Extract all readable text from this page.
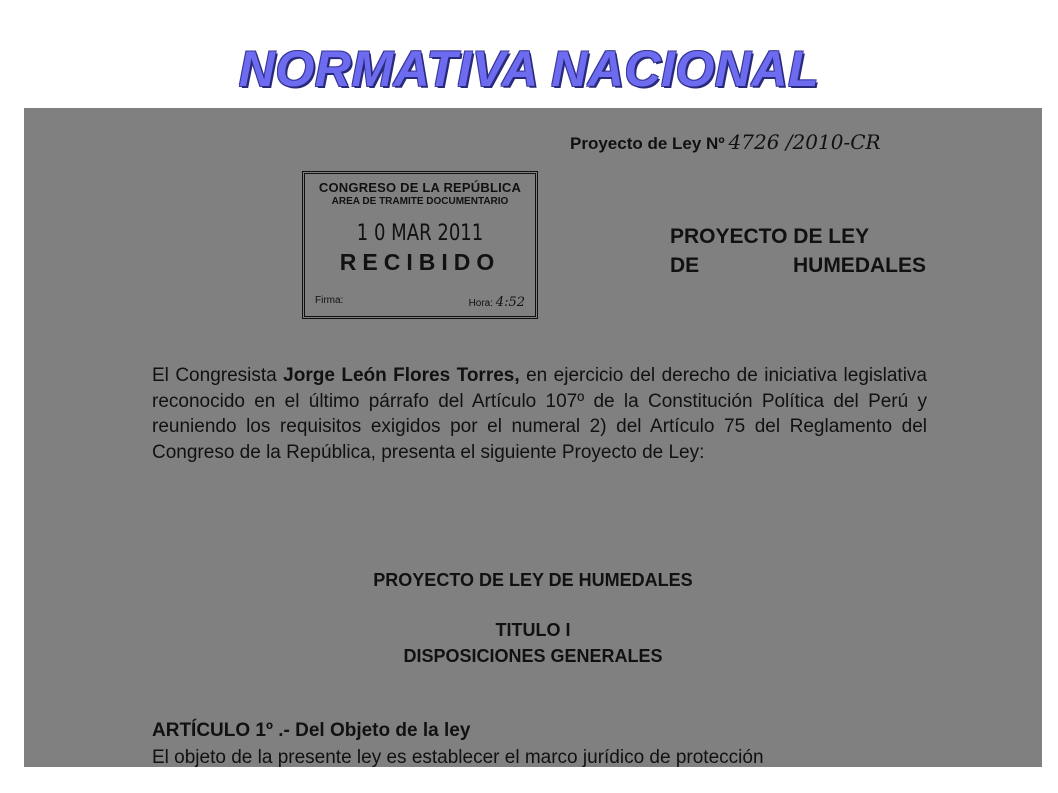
NORMATIVA NACIONAL
Proyecto de Ley Nº 4726 /2010-CR
CONGRESO DE LA REPÚBLICA
AREA DE TRAMITE DOCUMENTARIO
1 0 MAR 2011
RECIBIDO
Firma:	Hora: 4:52
PROYECTO DE LEY
DE	HUMEDALES
El Congresista Jorge León Flores Torres, en ejercicio del derecho de iniciativa legislativa reconocido en el último párrafo del Artículo 107º de la Constitución Política del Perú y reuniendo los requisitos exigidos por el numeral 2) del Artículo 75 del Reglamento del Congreso de la República, presenta el siguiente Proyecto de Ley:
PROYECTO DE LEY DE HUMEDALES
TITULO I
DISPOSICIONES GENERALES
ARTÍCULO 1º .- Del Objeto de la ley
El objeto de la presente ley es establecer el marco jurídico de protección
